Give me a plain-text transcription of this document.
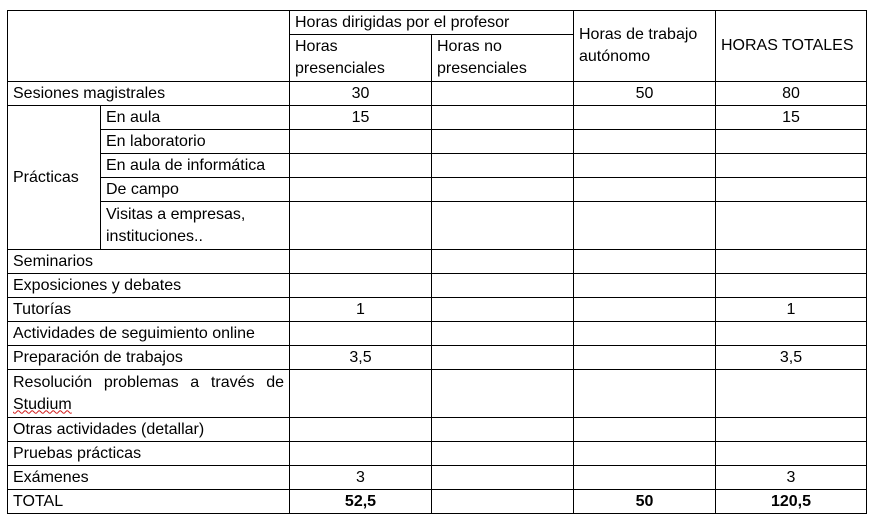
		Horas dirigidas por el profesor		Horas de trabajo autónomo	HORAS TOTALES
		Horas presenciales	Horas no presenciales		
Sesiones magistrales		30		50	80
Prácticas	En aula	15			15
	En laboratorio				
	En aula de informática				
	De campo				
	Visitas a empresas, instituciones..				
Seminarios					
Exposiciones y debates					
Tutorías		1			1
Actividades de seguimiento online					
Preparación de trabajos		3,5			3,5
Resolución problemas a través de Studium					
Otras actividades (detallar)					
Pruebas prácticas					
Exámenes		3			3
TOTAL		52,5		50	120,5
